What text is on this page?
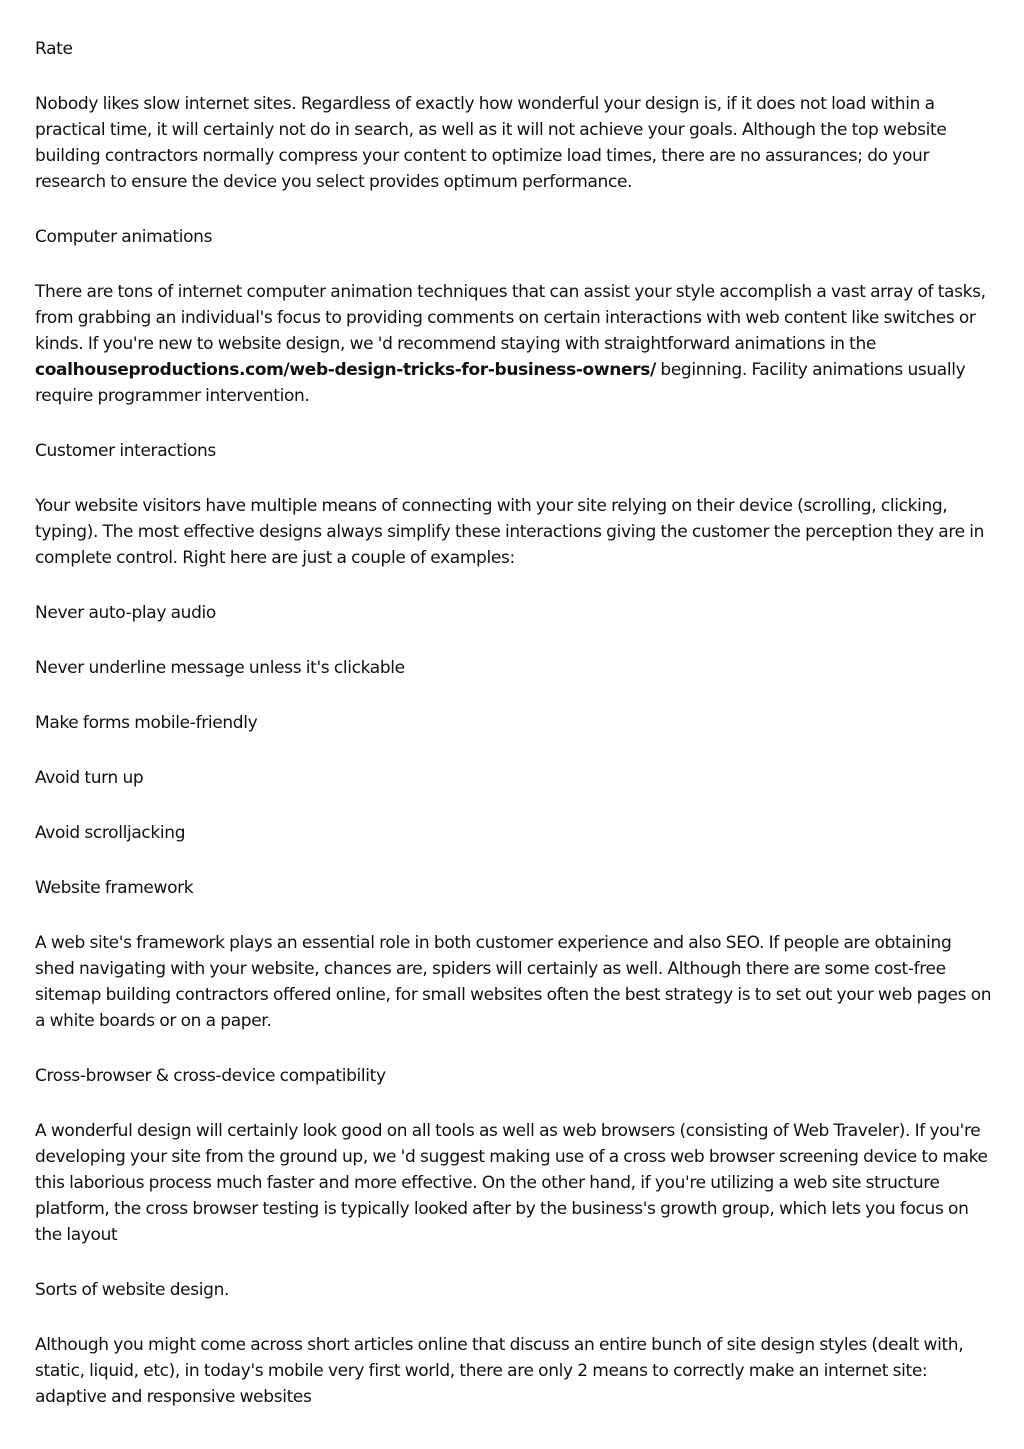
Rate

Nobody likes slow internet sites. Regardless of exactly how wonderful your design is, if it does not load within a practical time, it will certainly not do in search, as well as it will not achieve your goals. Although the top website building contractors normally compress your content to optimize load times, there are no assurances; do your research to ensure the device you select provides optimum performance.

Computer animations

There are tons of internet computer animation techniques that can assist your style accomplish a vast array of tasks, from grabbing an individual's focus to providing comments on certain interactions with web content like switches or kinds. If you're new to website design, we 'd recommend staying with straightforward animations in the coalhouseproductions.com/web-design-tricks-for-business-owners/ beginning. Facility animations usually require programmer intervention.

Customer interactions

Your website visitors have multiple means of connecting with your site relying on their device (scrolling, clicking, typing). The most effective designs always simplify these interactions giving the customer the perception they are in complete control. Right here are just a couple of examples:

Never auto-play audio

Never underline message unless it's clickable

Make forms mobile-friendly

Avoid turn up

Avoid scrolljacking

Website framework

A web site's framework plays an essential role in both customer experience and also SEO. If people are obtaining shed navigating with your website, chances are, spiders will certainly as well. Although there are some cost-free sitemap building contractors offered online, for small websites often the best strategy is to set out your web pages on a white boards or on a paper.

Cross-browser & cross-device compatibility

A wonderful design will certainly look good on all tools as well as web browsers (consisting of Web Traveler). If you're developing your site from the ground up, we 'd suggest making use of a cross web browser screening device to make this laborious process much faster and more effective. On the other hand, if you're utilizing a web site structure platform, the cross browser testing is typically looked after by the business's growth group, which lets you focus on the layout

Sorts of website design.

Although you might come across short articles online that discuss an entire bunch of site design styles (dealt with, static, liquid, etc), in today's mobile very first world, there are only 2 means to correctly make an internet site: adaptive and responsive websites
